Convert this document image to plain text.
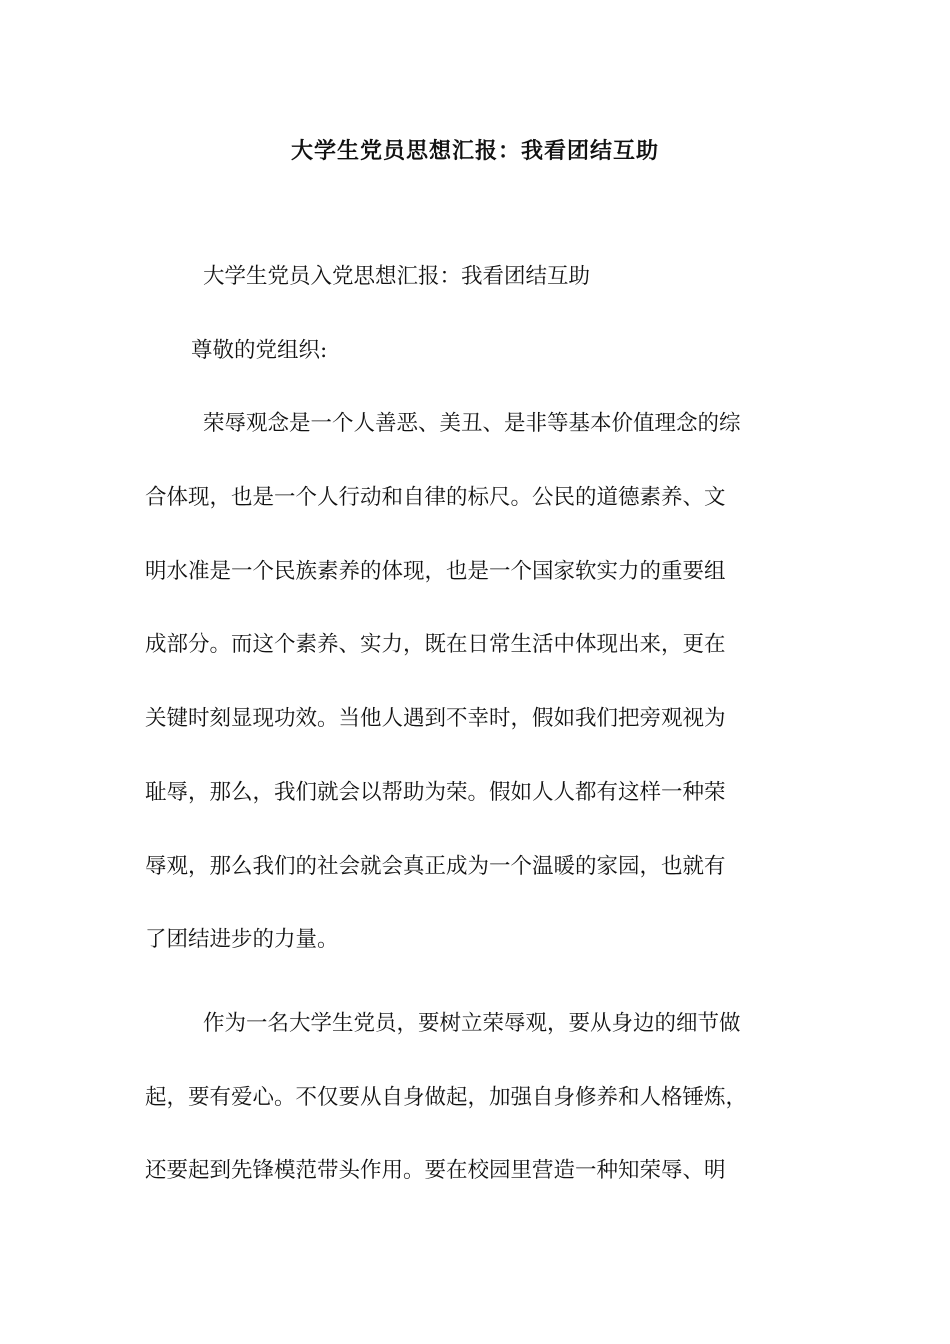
大学生党员思想汇报：我看团结互助
大学生党员入党思想汇报：我看团结互助
尊敬的党组织:
荣辱观念是一个人善恶、美丑、是非等基本价值理念的综
合体现，也是一个人行动和自律的标尺。公民的道德素养、文
明水准是一个民族素养的体现，也是一个国家软实力的重要组
成部分。而这个素养、实力，既在日常生活中体现出来，更在
关键时刻显现功效。当他人遇到不幸时，假如我们把旁观视为
耻辱，那么，我们就会以帮助为荣。假如人人都有这样一种荣
辱观，那么我们的社会就会真正成为一个温暖的家园，也就有
了团结进步的力量。
作为一名大学生党员，要树立荣辱观，要从身边的细节做
起，要有爱心。不仅要从自身做起，加强自身修养和人格锤炼，
还要起到先锋模范带头作用。要在校园里营造一种知荣辱、明
